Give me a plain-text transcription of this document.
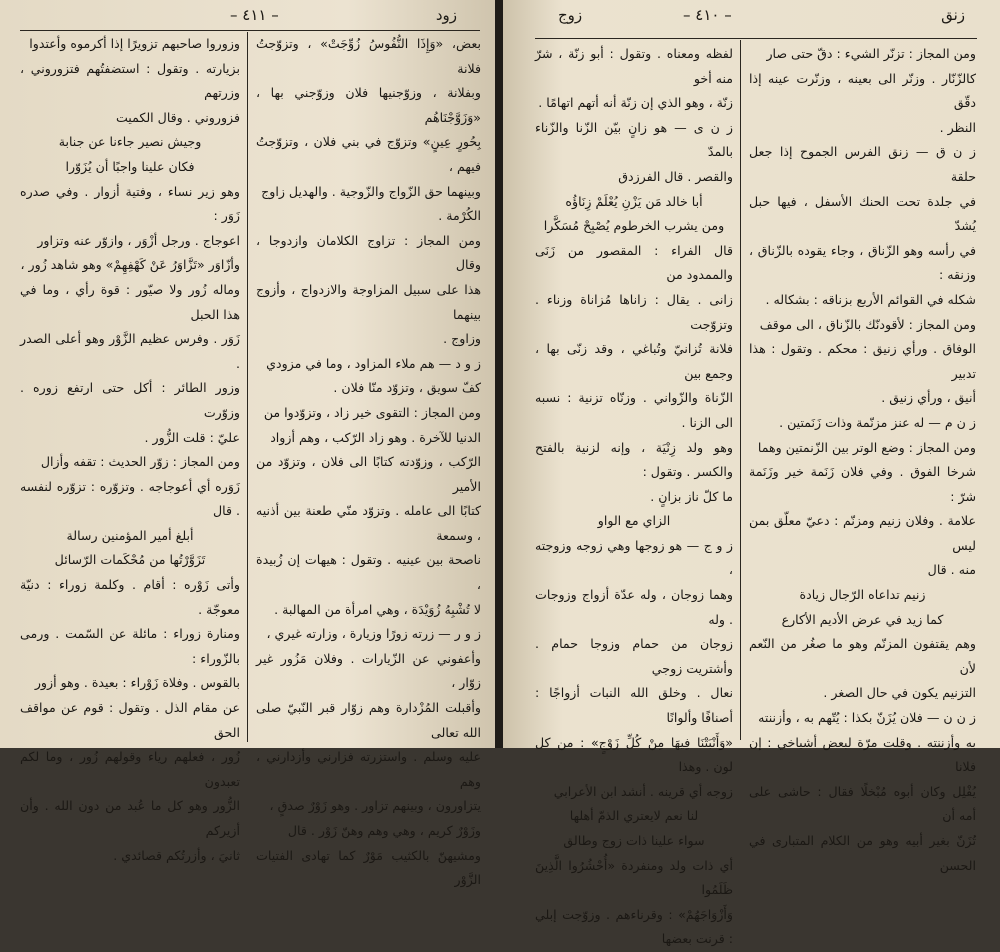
زود
– ٤١١ –

بعض، «وَإِذَا النُّفُوسُ زُوِّجَتْ» ، وتزوّجتُ فلانة

وبفلانة ، وزوّجنيها فلان وزوّجني بها ، «وَزَوَّجْنَاهُم

بِحُورٍ عِينٍ» وتزوّج في بني فلان ، وتزوّجتُ فيهم ،

وبينهما حق الزّواج والزّوجية . والهديل زاوج

الكُرْمة .

ومن المجاز : تزاوج الكلامان وازدوجا ، وقال

هذا على سبيل المزاوجة والازدواج ، وأزوج بينهما

وزاوج .

ز و د — هم ملاء المزاود ، وما في مزودي

كفّ سويق ، وتزوّد منّا فلان .

ومن المجاز : التقوى خير زاد ، وتزوّدوا من

الدنيا للآخرة . وهو زاد الرّكب ، وهم أزواد

الرّكب ، وزوّدته كتابًا الى فلان ، وتزوّد من الأمير

كتابًا الى عامله . وتزوّد منّي طعنة بين أذنيه ، وسمعة

ناصحة بين عينيه . وتقول : هيهات إن زُبيدة ،

لا تُشْبِهُ زُوَيْدَة ، وهي امرأة من المهالبة .

ز و ر — زرته زورًا وزيارة ، وزارته غيري ،

وأعفوني عن الزّيارات . وفلان مَزُور غير زوّار ،

وأقبلت المُزْدارة وهم زوّار قبر النّبيّ صلى الله تعالى

عليه وسلم . واستزرته فزارني وأزدارني ، وهم

يتزاورون ، وبينهم تزاور . وهو زَوْرٌ صدقٍ ،

وزَوْرٌ كريم ، وهي وهم وهنّ زَوْر . قال

ومشيهنّ بالكثيب مَوْرٌ كما تهادى الفتيات الزَّوْر

وزوروا صاحبهم تزويرًا إذا أكرموه وأعتدوا

بزيارته . وتقول : استضفتُهم فتزوروني ، وزرتهم

فزوروني . وقال الكميت

وجيش نصير جاءنا عن جنابة

فكان علينا واجبًا أن يُزَوّرا

وهو زير نساء ، وفتية أزوار . وفي صدره زَوَر :

اعوجاج . ورجل أزْوَر ، وازوّر عنه وتزاور

وأزّاوَر «تَزَّاوَرُ عَنْ كَهْفِهِمْ» وهو شاهد زُور ،

وماله زُور ولا صيّور : قوة رأي ، وما في هذا الحبل

زَوَر . وفرس عظيم الزَّوْر وهو أعلى الصدر .

وزور الطائر : أكل حتى ارتفع زوره . وزوّرت

عليّ : قلت الزُّور .

ومن المجاز : زوّر الحديث : تقفه وأزال

زَوَره أي أعوجاجه . وتزوّره : تزوّره لنفسه . قال

أبلغ أمير المؤمنين رسالة

تَزَوَّرْتُها من مُحْكَمات الرّسائل

وأتى زَوْره : أقام . وكلمة زوراء : دنيّة معوجّة .

ومنارة زوراء : مائلة عن السّمت . ورمى بالزّوراء :

بالقوس . وفلاة زَوْراء : بعيدة . وهو أزور

عن مقام الذل . وتقول : قوم عن مواقف الحق

زُور ، فعلهم رياء وقولهم زُور ، وما لكم تعبدون

الزُّور وهو كل ما عُبد من دون الله . وأن أزيركم

ثانيَ ، وأزرتُكم قصائدي .

زنق
– ٤١٠ –
زوج

ومن المجاز : تزنّر الشيء : دقّ حتى صار

كالزّنّار . وزنّر الى بعينه ، وزنّرت عينه إذا دقّق

النظر .

ز ن ق — زنق الفرس الجموح إذا جعل حلقة

في جلدة تحت الحنك الأسفل ، فيها حبل يُشدّ

في رأسه وهو الزّناق ، وجاء يقوده بالزّناق ، وزنقه :

شكله في القوائم الأربع بزناقه : بشكاله .

ومن المجاز : لأقودنّك بالزّناق ، الى موقف

الوفاق . ورأي زنيق : محكم . وتقول : هذا تدبير

أنيق ، ورأي زنيق .

ز ن م — له عنز مزنّمة وذات زَنَمتين .

ومن المجاز : وضع الوتر بين الزّنمتين وهما

شرخا الفوق . وفي فلان زَنَمة خير وزَنَمة شرّ :

علامة . وفلان زنيم ومزنّم : دعيّ معلّق بمن ليس

منه . قال

زنيم تداعاه الرّجال زيادة

كما زيد في عرض الأديم الأكارع

وهم يقتفون المزنّم وهو ما صغُر من النّعم لأن

التزنيم يكون في حال الصغر .

ز ن ن — فلان يُزَنّ بكذا : يُتّهم به ، وأزننته

به وأزننته . وقلت مرّة لبعض أشياخي : إن فلانا

يُفْلِل وكان أبوه مُبْخلًا فقال : حاشى على أمه أن

تُزَنّ بغير أبيه وهو من الكلام المتبارى في الحسن

لفظه ومعناه . وتقول : أبو زنّة ، شرّ منه أخو

زنّة ، وهو الذي إن زنّة أنه أتهم اتهامًا .

ز ن ى — هو زانٍ بيّن الزّنا والزّناء بالمدّ

والقصر . قال الفرزدق

أبا خالد مَن يَزْنِ يُعْلَمْ زِنَاؤُه

ومن يشرب الخرطوم يُصْبِحْ مُسَكَّرا

قال الفراء : المقصور من زَنَى والممدود من

زانى . يقال : زاناها مُزاناة وزناء . وتزوّجت

فلانة تُزانيّ وتُباغي ، وقد زنّى بها ، وجمع بين

الزّناة والزّواني . وزنّاه تزنية : نسبه الى الزنا .

وهو ولد زِنْيَة ، وإنه لزنية بالفتح والكسر . وتقول :

ما كلّ ناز بزانٍ .

الزاي مع الواو

ز و ج — هو زوجها وهي زوجه وزوجته ،

وهما زوجان ، وله عدّة أزواج وزوجات . وله

زوجان من حمام وزوجا حمام . وأشتريت زوجي

نعال . وخلق الله النبات أزواجًا : أصنافًا وألوانًا

«وَأَنْبَتْنَا فِيهَا مِنْ كُلِّ زَوْجٍ» : من كل لون . وهذا

زوجه أي قرينه . أنشد ابن الأعرابي

لنا نعم لايعتري الذمّ أهلها

سواء علينا ذات زوج وطالق

أي ذات ولد ومنفردة «أُحْشُرُوا الَّذِينَ ظَلَمُوا

وَأَزْوَاجَهُمْ» : وقرناءهم . وزوّجت إبلي : قرنت بعضها
